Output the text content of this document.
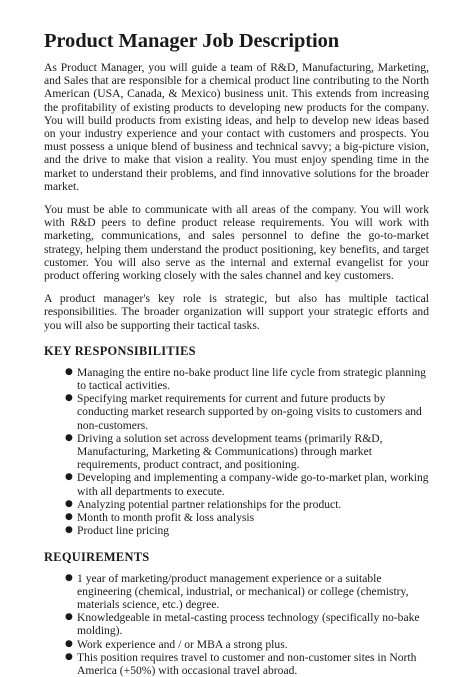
Product Manager Job Description

As Product Manager, you will guide a team of R&D, Manufacturing, Marketing, and Sales that are responsible for a chemical product line contributing to the North American (USA, Canada, & Mexico) business unit. This extends from increasing the profitability of existing products to developing new products for the company. You will build products from existing ideas, and help to develop new ideas based on your industry experience and your contact with customers and prospects. You must possess a unique blend of business and technical savvy; a big-picture vision, and the drive to make that vision a reality. You must enjoy spending time in the market to understand their problems, and find innovative solutions for the broader market.

You must be able to communicate with all areas of the company. You will work with R&D peers to define product release requirements. You will work with marketing, communications, and sales personnel to define the go-to-market strategy, helping them understand the product positioning, key benefits, and target customer. You will also serve as the internal and external evangelist for your product offering working closely with the sales channel and key customers.

A product manager's key role is strategic, but also has multiple tactical responsibilities. The broader organization will support your strategic efforts and you will also be supporting their tactical tasks.

KEY RESPONSIBILITIES
● Managing the entire no-bake product line life cycle from strategic planning to tactical activities.
● Specifying market requirements for current and future products by conducting market research supported by on-going visits to customers and non-customers.
● Driving a solution set across development teams (primarily R&D, Manufacturing, Marketing & Communications) through market requirements, product contract, and positioning.
● Developing and implementing a company-wide go-to-market plan, working with all departments to execute.
● Analyzing potential partner relationships for the product.
● Month to month profit & loss analysis
● Product line pricing
REQUIREMENTS
● 1 year of marketing/product management experience or a suitable engineering (chemical, industrial, or mechanical) or college (chemistry, materials science, etc.) degree.
● Knowledgeable in metal-casting process technology (specifically no-bake molding).
● Work experience and / or MBA a strong plus.
● This position requires travel to customer and non-customer sites in North America (+50%) with occasional travel abroad.
